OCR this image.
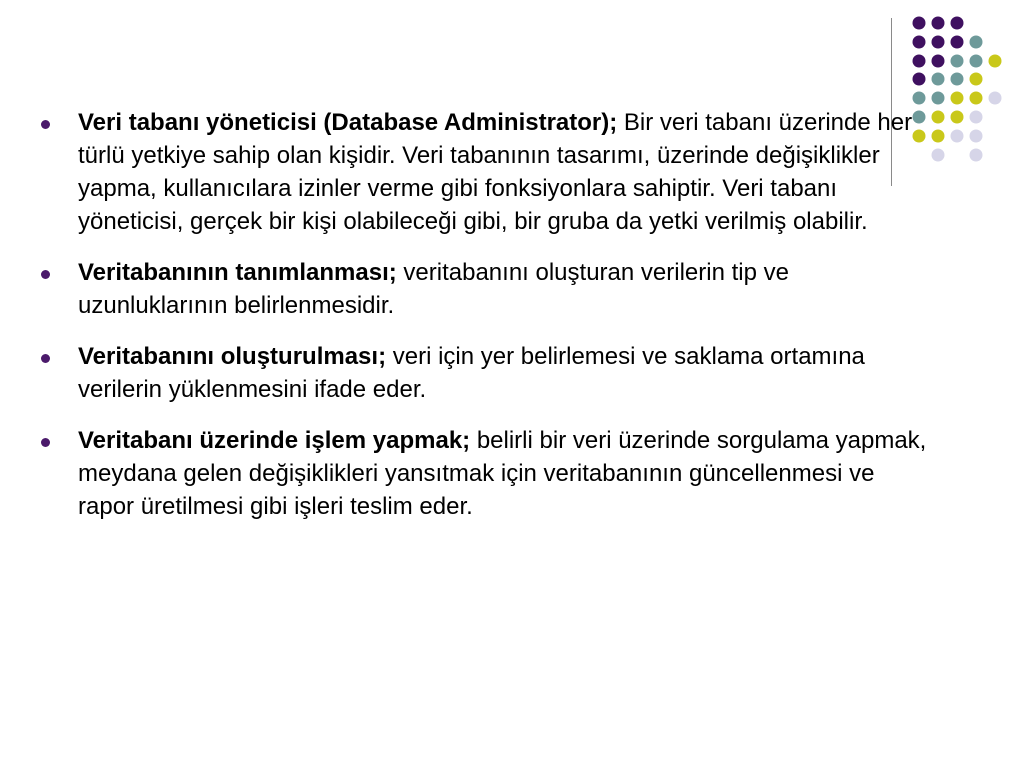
Veri tabanı yöneticisi (Database Administrator); Bir veri tabanı üzerinde her türlü yetkiye sahip olan kişidir. Veri tabanının tasarımı, üzerinde değişiklikler yapma, kullanıcılara izinler verme gibi fonksiyonlara sahiptir. Veri tabanı yöneticisi, gerçek bir kişi olabileceği gibi, bir gruba da yetki verilmiş olabilir.
Veritabanının tanımlanması; veritabanını oluşturan verilerin tip ve uzunluklarının belirlenmesidir.
Veritabanını oluşturulması; veri için yer belirlemesi ve saklama ortamına verilerin yüklenmesini ifade eder.
Veritabanı üzerinde işlem yapmak; belirli bir veri üzerinde sorgulama yapmak, meydana gelen değişiklikleri yansıtmak için veritabanının güncellenmesi ve rapor üretilmesi gibi işleri teslim eder.
